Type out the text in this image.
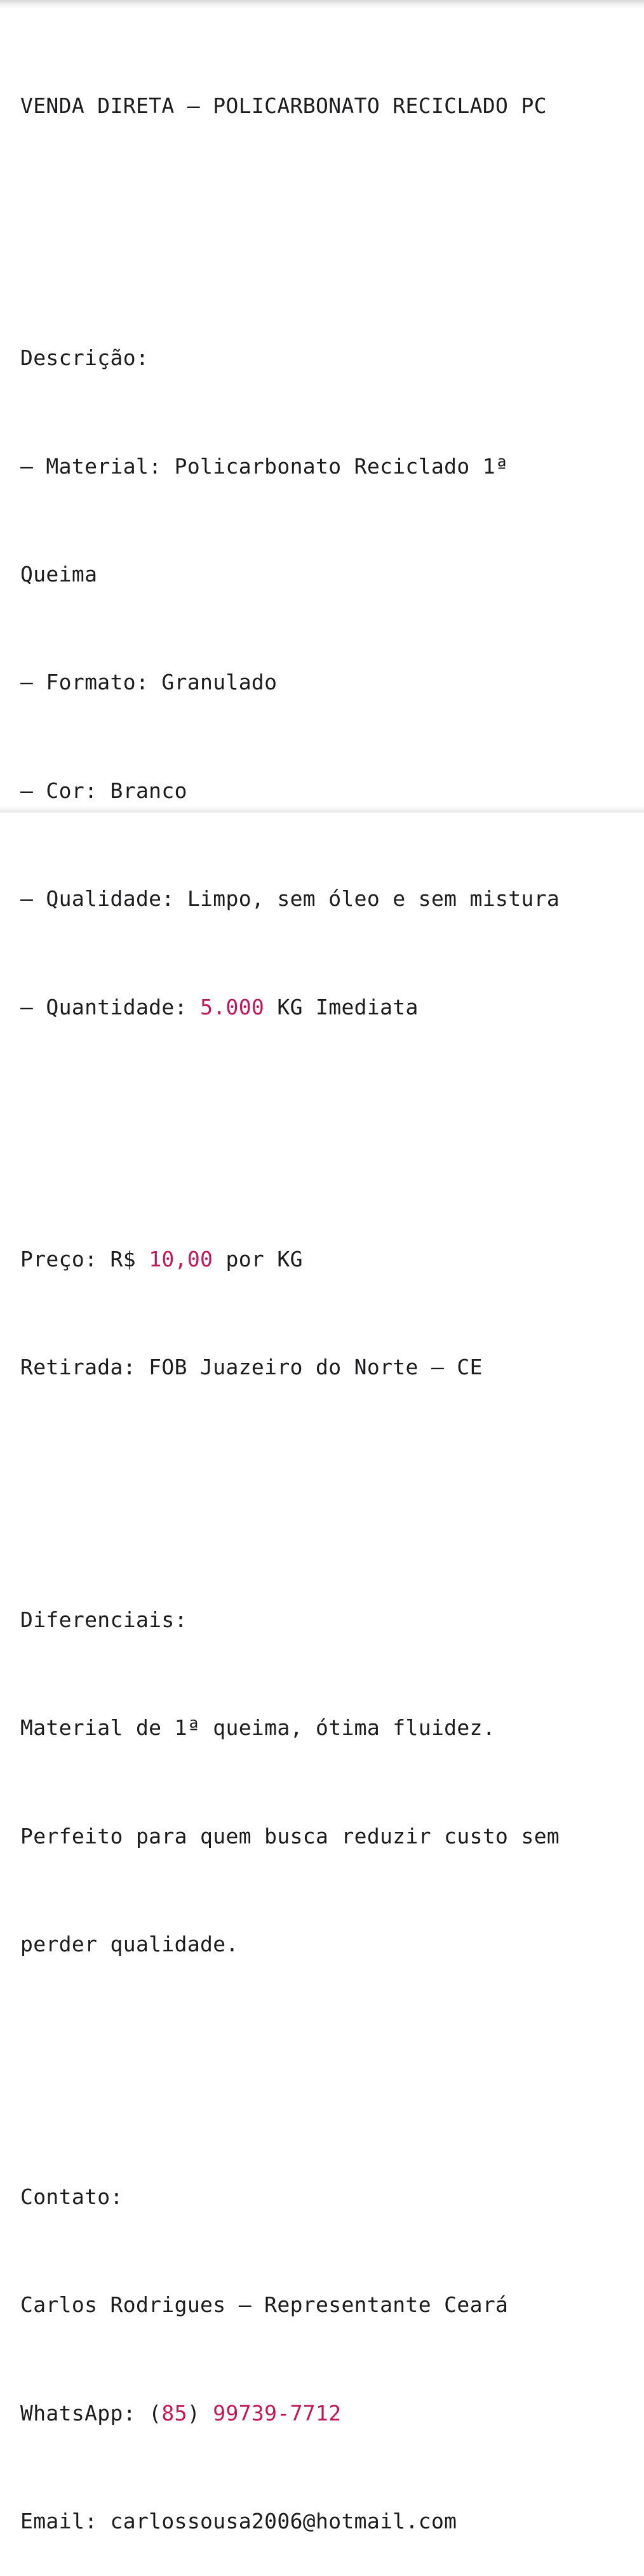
VENDA DIRETA – POLICARBONATO RECICLADO PC

Descrição:

– Material: Policarbonato Reciclado 1ª

Queima

– Formato: Granulado

– Cor: Branco

– Qualidade: Limpo, sem óleo e sem mistura

– Quantidade: 5.000 KG Imediata

Preço: R$ 10,00 por KG

Retirada: FOB Juazeiro do Norte – CE

Diferenciais:

Material de 1ª queima, ótima fluidez.

Perfeito para quem busca reduzir custo sem

perder qualidade.

Contato:

Carlos Rodrigues – Representante Ceará

WhatsApp: (85) 99739-7712

Email: carlossousa2006@hotmail.com
